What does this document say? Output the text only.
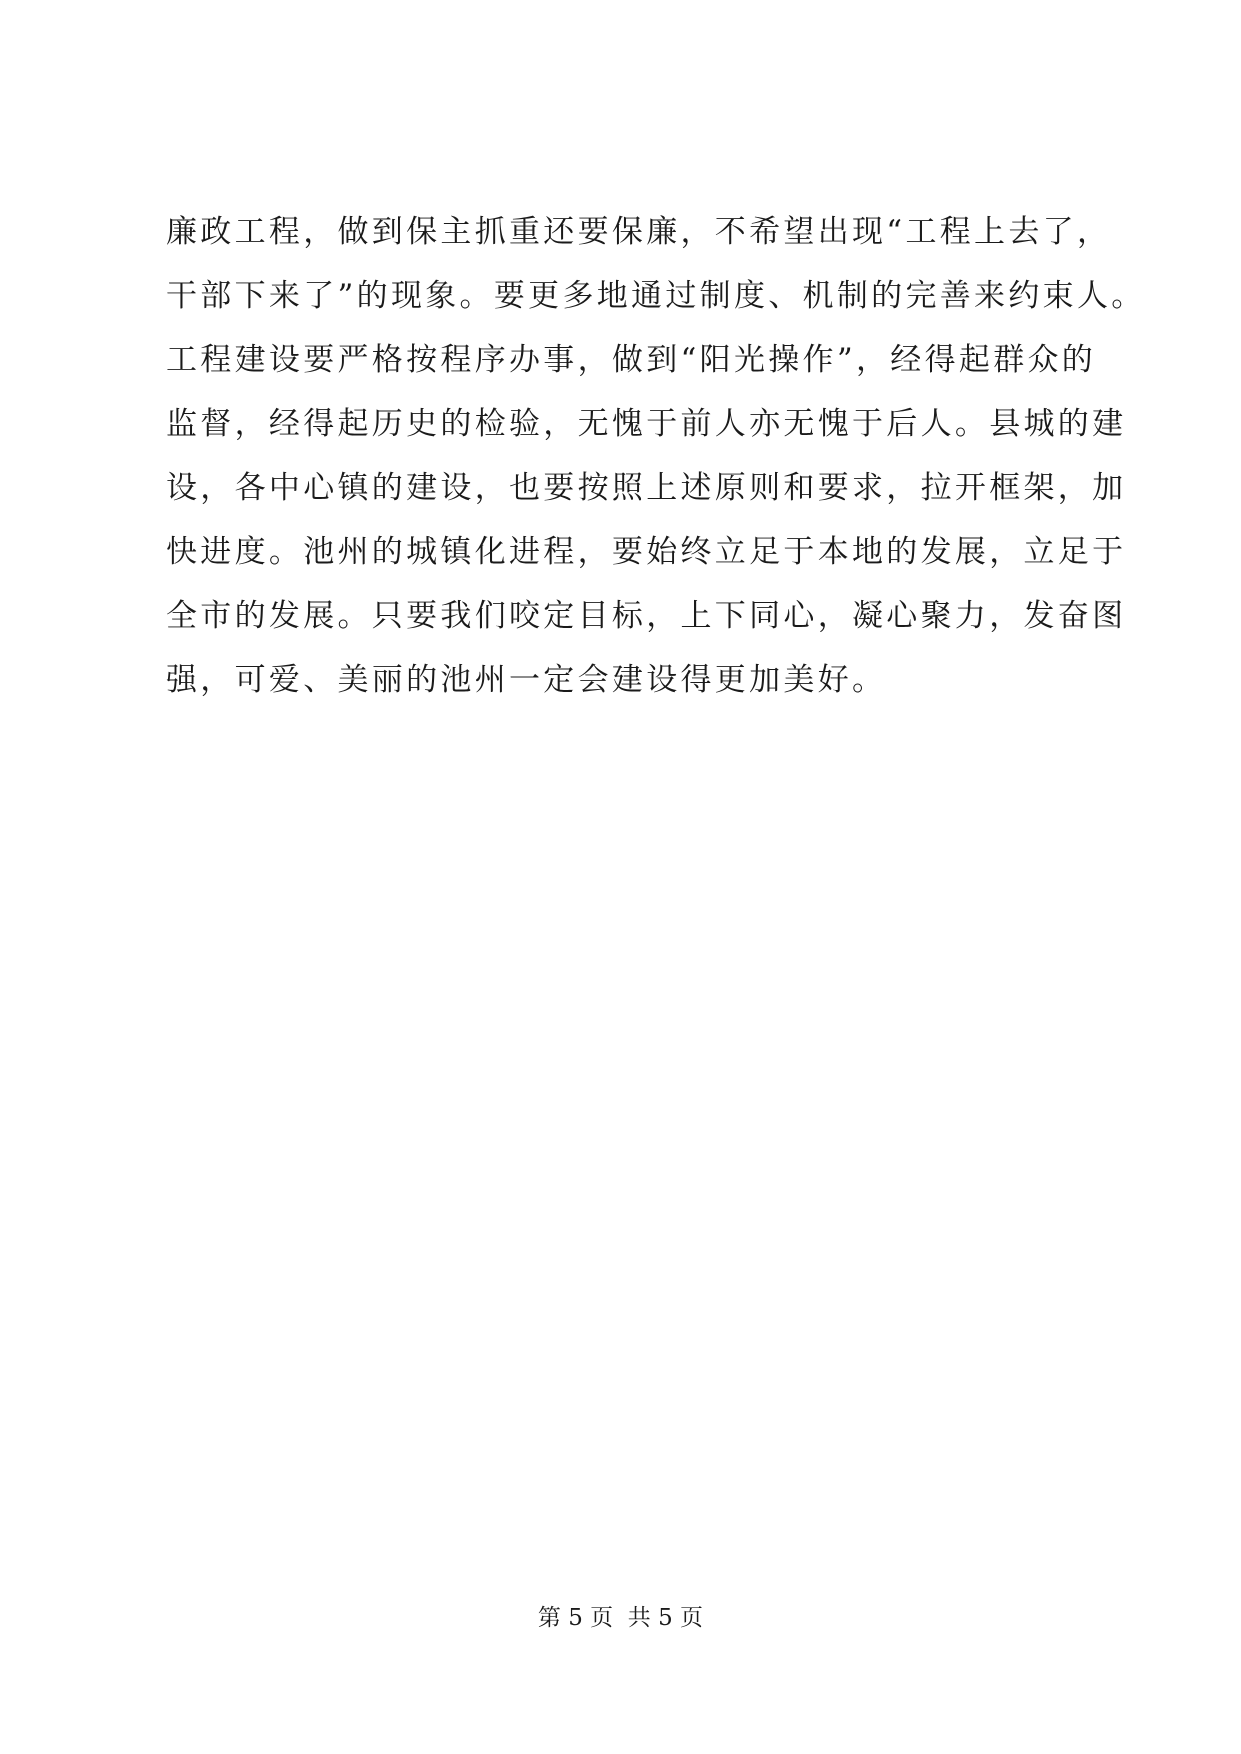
廉政工程，做到保主抓重还要保廉，不希望出现“工程上去了，
干部下来了”的现象。要更多地通过制度、机制的完善来约束人。
工程建设要严格按程序办事，做到“阳光操作”，经得起群众的
监督，经得起历史的检验，无愧于前人亦无愧于后人。县城的建
设，各中心镇的建设，也要按照上述原则和要求，拉开框架，加
快进度。池州的城镇化进程，要始终立足于本地的发展，立足于
全市的发展。只要我们咬定目标，上下同心，凝心聚力，发奋图
强，可爱、美丽的池州一定会建设得更加美好。
第 5 页  共 5 页
